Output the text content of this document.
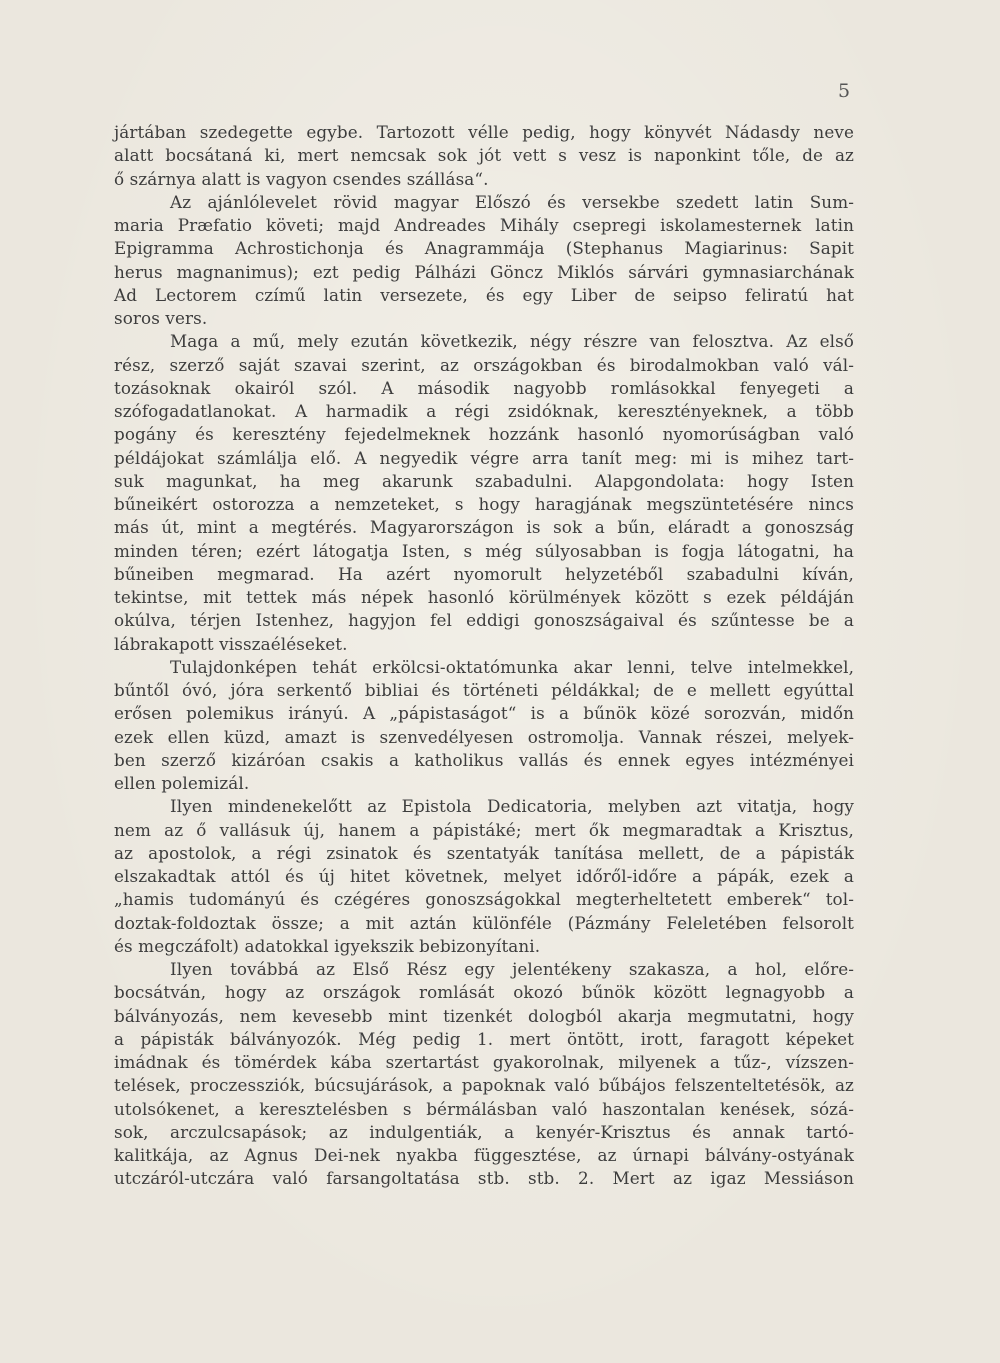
5
jártában szedegette egybe. Tartozott vélle pedig, hogy könyvét Nádasdy neve
alatt bocsátaná ki, mert nemcsak sok jót vett s vesz is naponkint tőle, de az
ő szárnya alatt is vagyon csendes szállása“.
Az ajánlólevelet rövid magyar Előszó és versekbe szedett latin Sum-
maria Præfatio követi; majd Andreades Mihály csepregi iskolamesternek latin
Epigramma Achrostichonja és Anagrammája (Stephanus Magiarinus: Sapit
herus magnanimus); ezt pedig Pálházi Göncz Miklós sárvári gymnasiarchának
Ad Lectorem czímű latin versezete, és egy Liber de seipso feliratú hat
soros vers.
Maga a mű, mely ezután következik, négy részre van felosztva. Az első
rész, szerző saját szavai szerint, az országokban és birodalmokban való vál-
tozásoknak okairól szól. A második nagyobb romlásokkal fenyegeti a
szófogadatlanokat. A harmadik a régi zsidóknak, keresztényeknek, a több
pogány és keresztény fejedelmeknek hozzánk hasonló nyomorúságban való
példájokat számlálja elő. A negyedik végre arra tanít meg: mi is mihez tart-
suk magunkat, ha meg akarunk szabadulni. Alapgondolata: hogy Isten
bűneikért ostorozza a nemzeteket, s hogy haragjának megszüntetésére nincs
más út, mint a megtérés. Magyarországon is sok a bűn, eláradt a gonoszság
minden téren; ezért látogatja Isten, s még súlyosabban is fogja látogatni, ha
bűneiben megmarad. Ha azért nyomorult helyzetéből szabadulni kíván,
tekintse, mit tettek más népek hasonló körülmények között s ezek példáján
okúlva, térjen Istenhez, hagyjon fel eddigi gonoszságaival és szűntesse be a
lábrakapott visszaéléseket.
Tulajdonképen tehát erkölcsi-oktatómunka akar lenni, telve intelmekkel,
bűntől óvó, jóra serkentő bibliai és történeti példákkal; de e mellett egyúttal
erősen polemikus irányú. A „pápistaságot“ is a bűnök közé sorozván, midőn
ezek ellen küzd, amazt is szenvedélyesen ostromolja. Vannak részei, melyek-
ben szerző kizáróan csakis a katholikus vallás és ennek egyes intézményei
ellen polemizál.
Ilyen mindenekelőtt az Epistola Dedicatoria, melyben azt vitatja, hogy
nem az ő vallásuk új, hanem a pápistáké; mert ők megmaradtak a Krisztus,
az apostolok, a régi zsinatok és szentatyák tanítása mellett, de a pápisták
elszakadtak attól és új hitet követnek, melyet időről-időre a pápák, ezek a
„hamis tudományú és czégéres gonoszságokkal megterheltetett emberek“ tol-
doztak-foldoztak össze; a mit aztán különféle (Pázmány Feleletében felsorolt
és megczáfolt) adatokkal igyekszik bebizonyítani.
Ilyen továbbá az Első Rész egy jelentékeny szakasza, a hol, előre-
bocsátván, hogy az országok romlását okozó bűnök között legnagyobb a
bálványozás, nem kevesebb mint tizenkét dologból akarja megmutatni, hogy
a pápisták bálványozók. Még pedig 1. mert öntött, irott, faragott képeket
imádnak és tömérdek kába szertartást gyakorolnak, milyenek a tűz-, vízszen-
telések, proczessziók, búcsujárások, a papoknak való bűbájos felszenteltetésök, az
utolsókenet, a keresztelésben s bérmálásban való haszontalan kenések, sózá-
sok, arczulcsapások; az indulgentiák, a kenyér-Krisztus és annak tartó-
kalitkája, az Agnus Dei-nek nyakba függesztése, az úrnapi bálvány-ostyának
utczáról-utczára való farsangoltatása stb. stb. 2. Mert az igaz Messiáson
